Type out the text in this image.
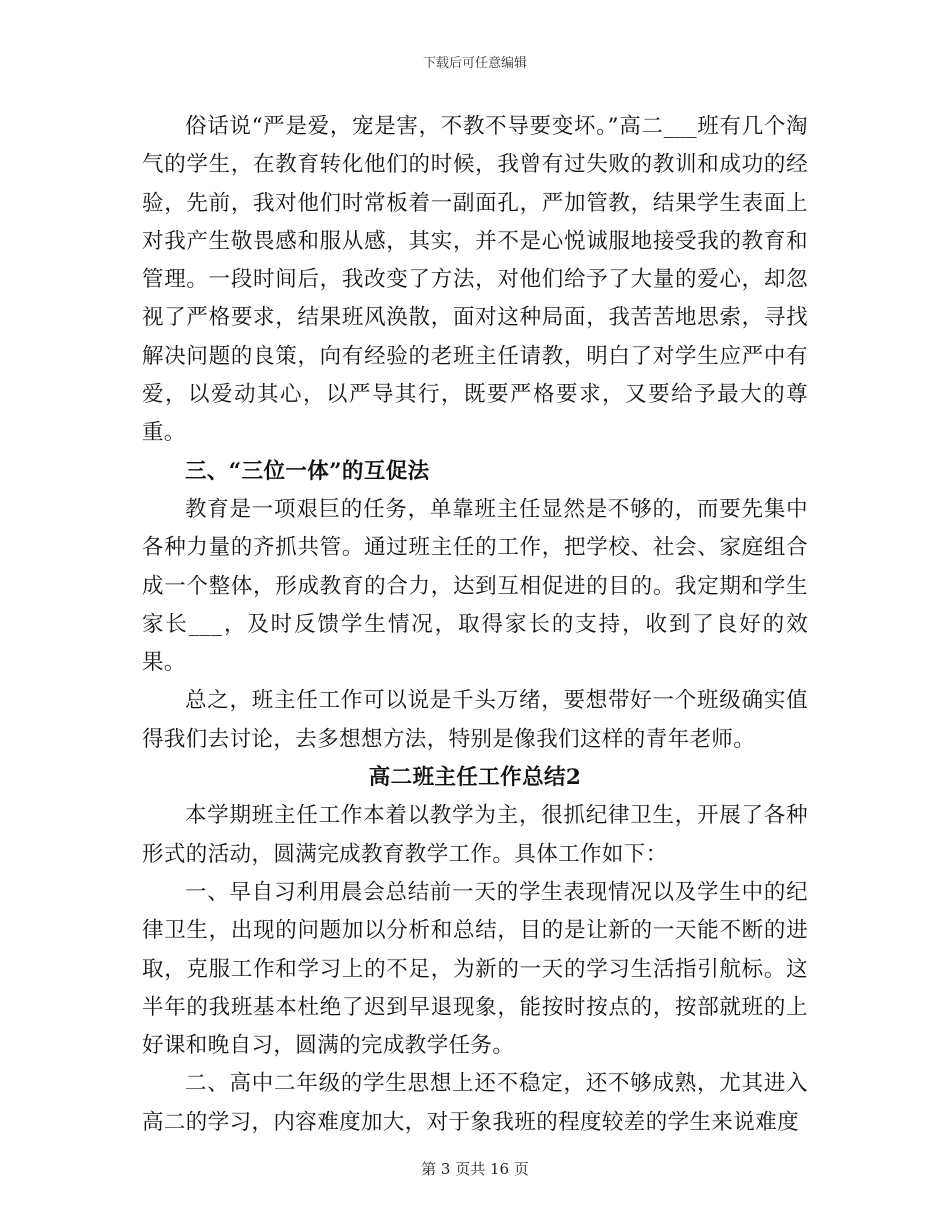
下载后可任意编辑

俗话说“严是爱，宠是害，不教不导要变坏。”高二___班有几个淘气的学生，在教育转化他们的时候，我曾有过失败的教训和成功的经验，先前，我对他们时常板着一副面孔，严加管教，结果学生表面上对我产生敬畏感和服从感，其实，并不是心悦诚服地接受我的教育和管理。一段时间后，我改变了方法，对他们给予了大量的爱心，却忽视了严格要求，结果班风涣散，面对这种局面，我苦苦地思索，寻找解决问题的良策，向有经验的老班主任请教，明白了对学生应严中有爱，以爱动其心，以严导其行，既要严格要求，又要给予最大的尊重。

三、“三位一体”的互促法

教育是一项艰巨的任务，单靠班主任显然是不够的，而要先集中各种力量的齐抓共管。通过班主任的工作，把学校、社会、家庭组合成一个整体，形成教育的合力，达到互相促进的目的。我定期和学生家长___，及时反馈学生情况，取得家长的支持，收到了良好的效果。

总之，班主任工作可以说是千头万绪，要想带好一个班级确实值得我们去讨论，去多想想方法，特别是像我们这样的青年老师。

高二班主任工作总结2

本学期班主任工作本着以教学为主，很抓纪律卫生，开展了各种形式的活动，圆满完成教育教学工作。具体工作如下：

一、早自习利用晨会总结前一天的学生表现情况以及学生中的纪律卫生，出现的问题加以分析和总结，目的是让新的一天能不断的进取，克服工作和学习上的不足，为新的一天的学习生活指引航标。这半年的我班基本杜绝了迟到早退现象，能按时按点的，按部就班的上好课和晚自习，圆满的完成教学任务。

二、高中二年级的学生思想上还不稳定，还不够成熟，尤其进入高二的学习，内容难度加大，对于象我班的程度较差的学生来说难度

第 3 页共 16 页
